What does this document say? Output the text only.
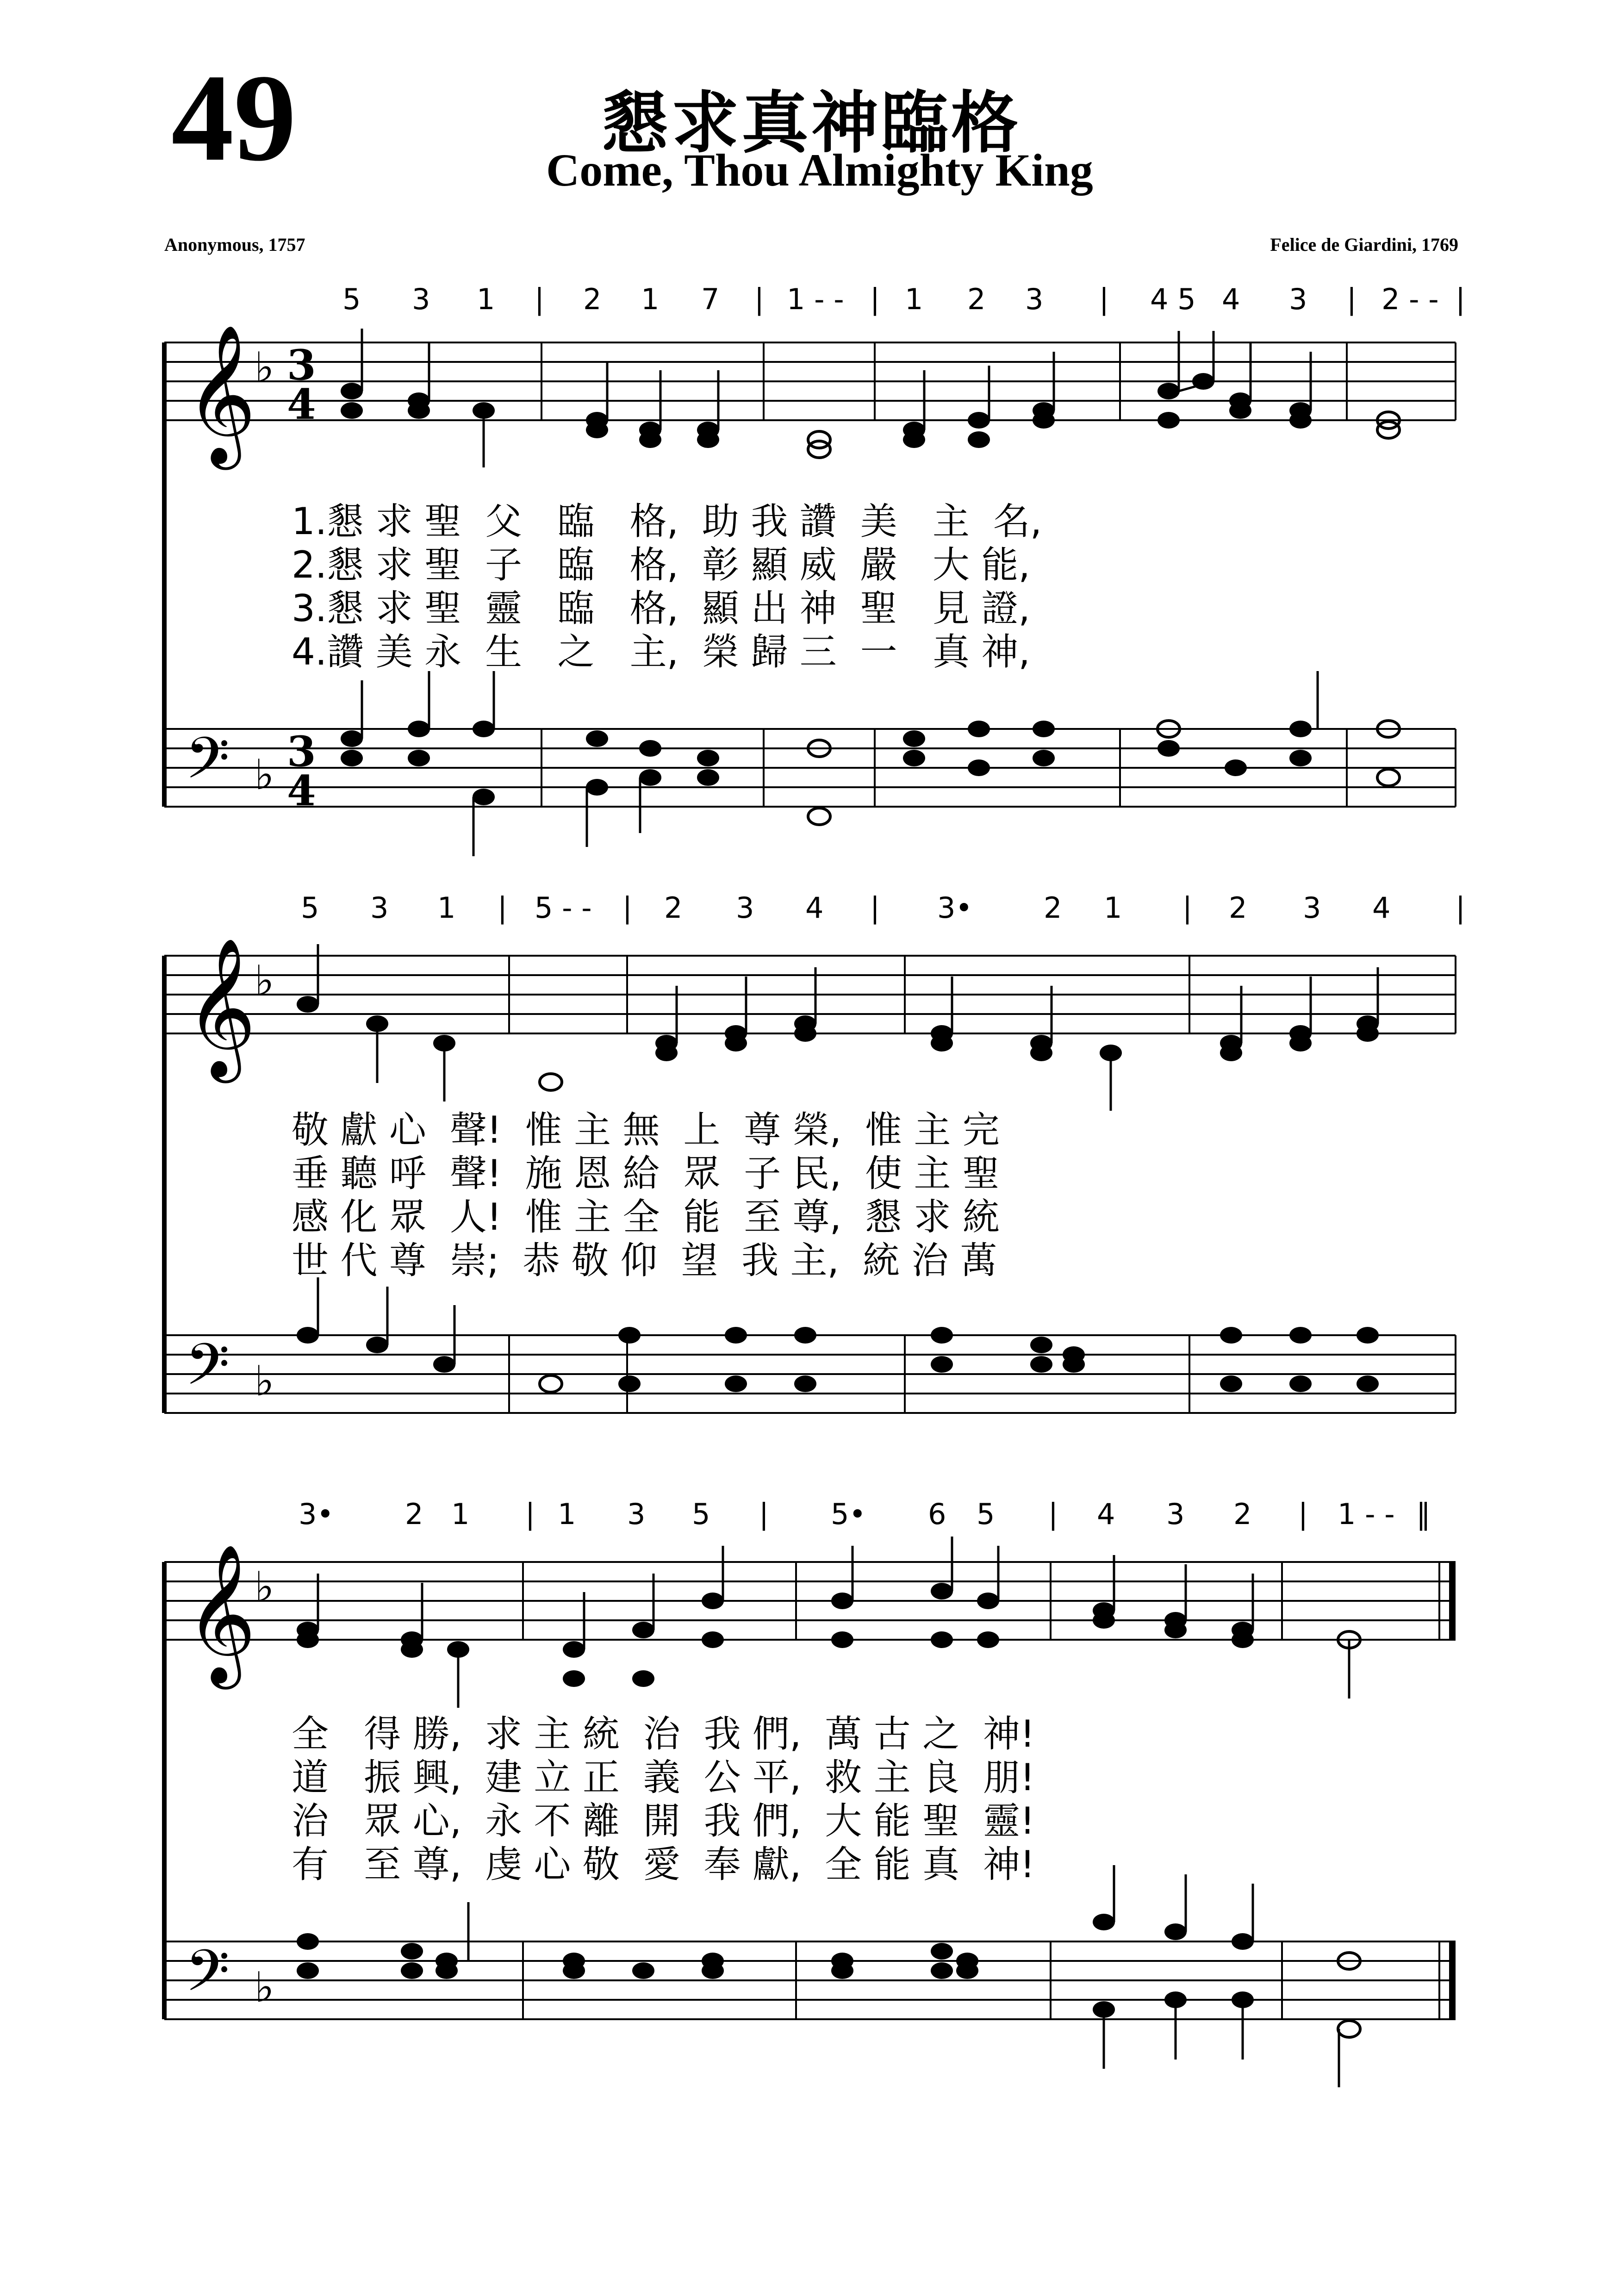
49	懇求真神臨格
Come, Thou Almighty King
Anonymous, 1757	Felice de Giardini, 1769
5 3 1 | 2 1 7 | 1 - - | 1 2 3 | 4 5 4 3 | 2 - - |
5 3 1 | 5 - - | 2 3 4 | 3• 2 1 | 2 3 4 |
3• 2 1 | 1 3 5 | 5• 6 5 | 4 3 2 | 1 - - ‖
1.懇 求 聖  父   臨   格,  助 我 讚  美   主  名,
2.懇 求 聖  子   臨   格,  彰 顯 威  嚴   大 能,
3.懇 求 聖  靈   臨   格,  顯 出 神  聖   見 證,
4.讚 美 永  生   之   主,  榮 歸 三  一   真 神,
敬 獻 心  聲!  惟 主 無  上  尊 榮,  惟 主 完
垂 聽 呼  聲!  施 恩 給  眾  子 民,  使 主 聖
感 化 眾  人!  惟 主 全  能  至 尊,  懇 求 統
世 代 尊  崇;  恭 敬 仰  望  我 主,  統 治 萬
全   得 勝,  求 主 統  治  我 們,  萬 古 之  神!
道   振 興,  建 立 正  義  公 平,  救 主 良  朋!
治   眾 心,  永 不 離  開  我 們,  大 能 聖  靈!
有   至 尊,  虔 心 敬  愛  奉 獻,  全 能 真  神!
𝄞
𝄢
♭
♭
3
4
3
4
𝄞
𝄢
♭
♭
𝄞
𝄢
♭
♭
